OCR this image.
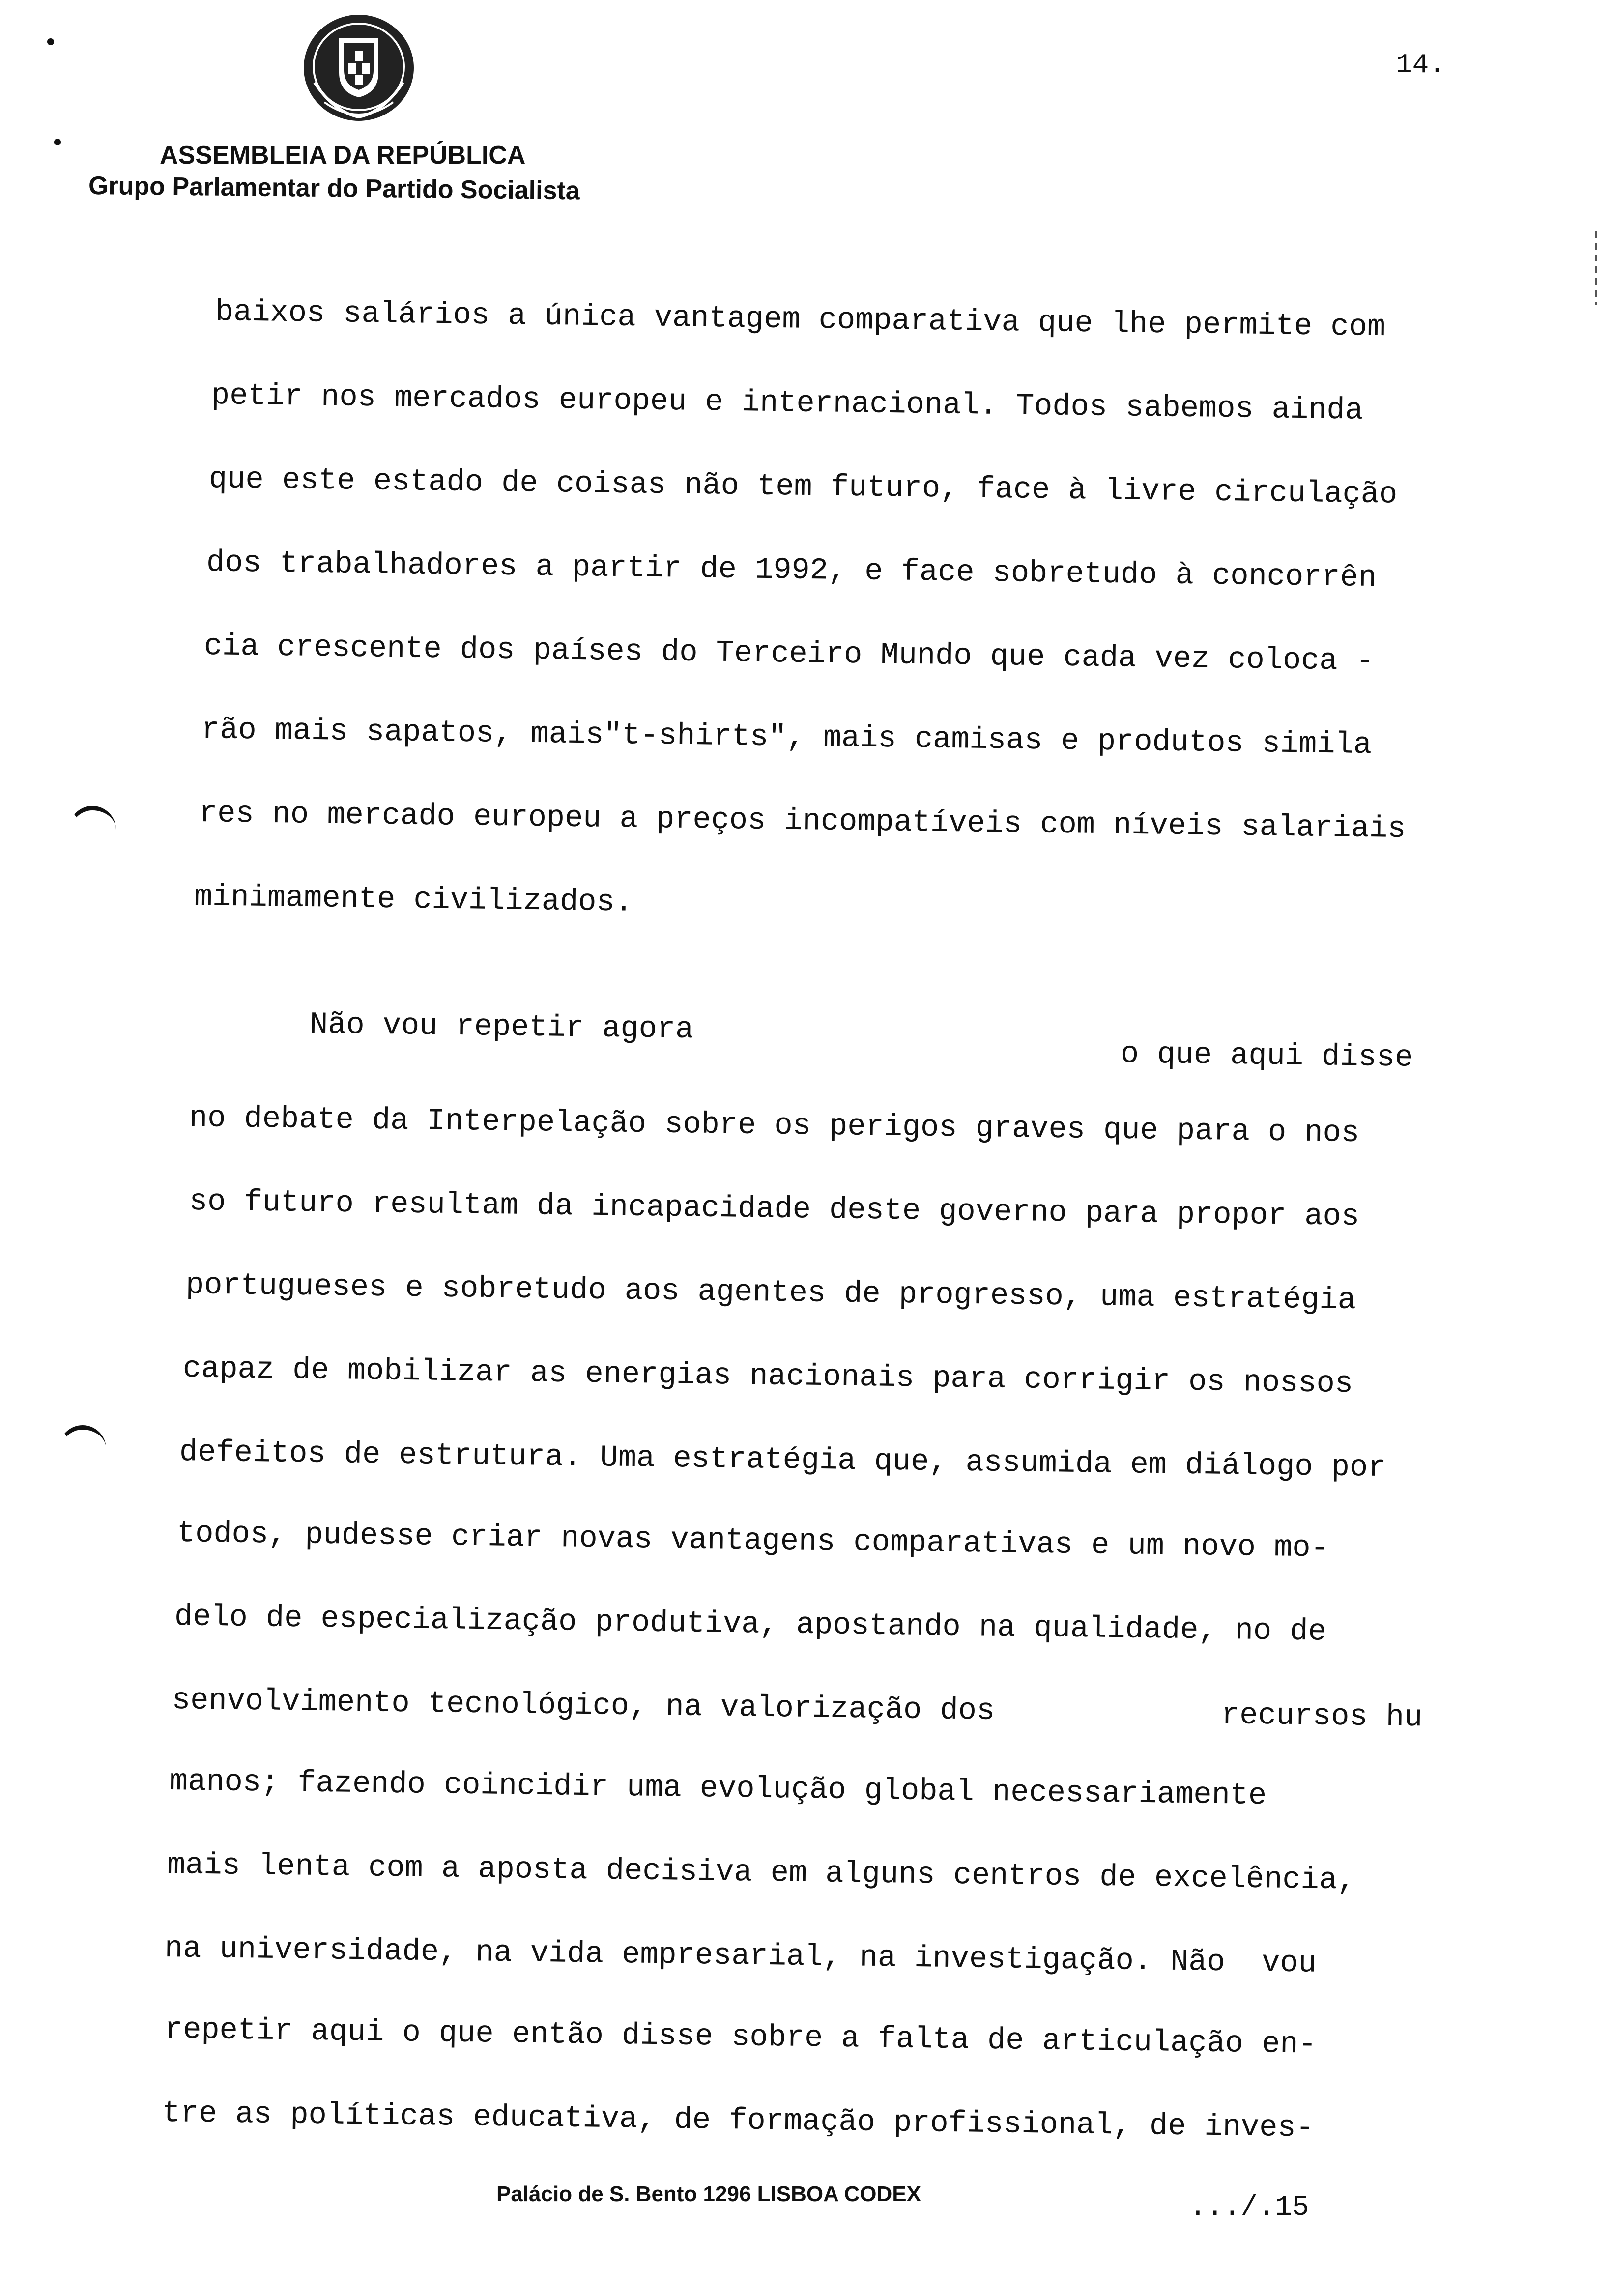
ASSEMBLEIA DA REPÚBLICA
Grupo Parlamentar do Partido Socialista
14.
baixos salários a única vantagem comparativa que lhe permite com
petir nos mercados europeu e internacional. Todos sabemos ainda
que este estado de coisas não tem futuro, face à livre circulação
dos trabalhadores a partir de 1992, e face sobretudo à concorrên
cia crescente dos países do Terceiro Mundo que cada vez coloca -
rão mais sapatos, mais"t-shirts", mais camisas e produtos simila
res no mercado europeu a preços incompatíveis com níveis salariais
minimamente civilizados.
Não vou repetir agora
o que aqui disse
no debate da Interpelação sobre os perigos graves que para o nos
so futuro resultam da incapacidade deste governo para propor aos
portugueses e sobretudo aos agentes de progresso, uma estratégia
capaz de mobilizar as energias nacionais para corrigir os nossos
defeitos de estrutura. Uma estratégia que, assumida em diálogo por
todos, pudesse criar novas vantagens comparativas e um novo mo-
delo de especialização produtiva, apostando na qualidade, no de
senvolvimento tecnológico, na valorização dos	recursos hu
manos; fazendo coincidir uma evolução global necessariamente
mais lenta com a aposta decisiva em alguns centros de excelência,
na universidade, na vida empresarial, na investigação. Não  vou
repetir aqui o que então disse sobre a falta de articulação en-
tre as políticas educativa, de formação profissional, de inves-
Palácio de S. Bento 1296 LISBOA CODEX	.../.15
